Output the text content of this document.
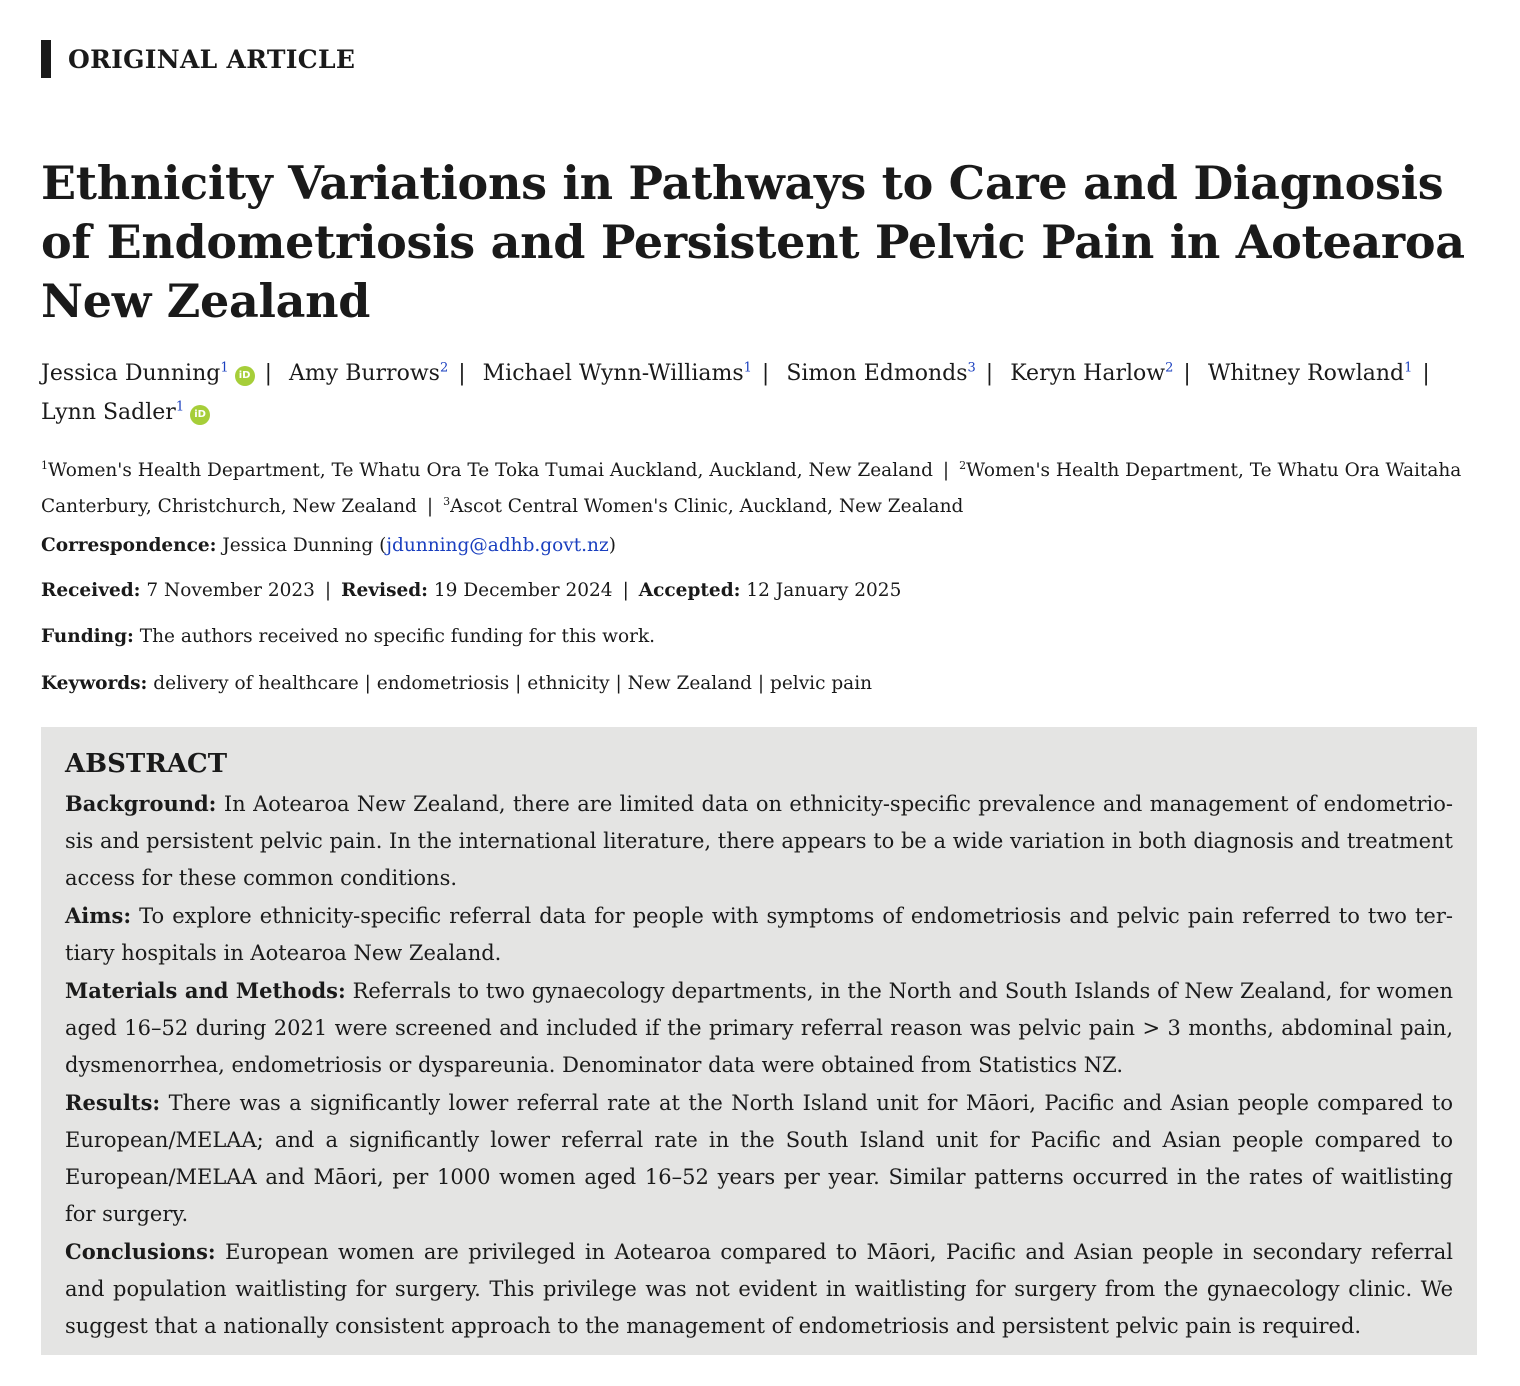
ORIGINAL ARTICLE
Ethnicity Variations in Pathways to Care and Diagnosis of Endometriosis and Persistent Pelvic Pain in Aotearoa New Zealand
Jessica Dunning$^1$ iD | Amy Burrows$^2$ | Michael Wynn-Williams$^1$ | Simon Edmonds$^3$ | Keryn Harlow$^2$ | Whitney Rowland$^1$ |
Lynn Sadler$^1$ iD
$^1$Women's Health Department, Te Whatu Ora Te Toka Tumai Auckland, Auckland, New Zealand | $^2$Women's Health Department, Te Whatu Ora Waitaha Canterbury, Christchurch, New Zealand | $^3$Ascot Central Women's Clinic, Auckland, New Zealand
Correspondence: Jessica Dunning (jdunning@adhb.govt.nz)
Received: 7 November 2023 | Revised: 19 December 2024 | Accepted: 12 January 2025
Funding: The authors received no specific funding for this work.
Keywords: delivery of healthcare | endometriosis | ethnicity | New Zealand | pelvic pain
ABSTRACT

Background: In Aotearoa New Zealand, there are limited data on ethnicity-specific prevalence and management of endometrio-sis and persistent pelvic pain. In the international literature, there appears to be a wide variation in both diagnosis and treatment access for these common conditions.

Aims: To explore ethnicity-specific referral data for people with symptoms of endometriosis and pelvic pain referred to two ter-tiary hospitals in Aotearoa New Zealand.

Materials and Methods: Referrals to two gynaecology departments, in the North and South Islands of New Zealand, for women aged 16–52 during 2021 were screened and included if the primary referral reason was pelvic pain > 3 months, abdominal pain, dysmenorrhea, endometriosis or dyspareunia. Denominator data were obtained from Statistics NZ.

Results: There was a significantly lower referral rate at the North Island unit for Māori, Pacific and Asian people compared to European/MELAA; and a significantly lower referral rate in the South Island unit for Pacific and Asian people compared to European/MELAA and Māori, per 1000 women aged 16–52 years per year. Similar patterns occurred in the rates of waitlisting for surgery.

Conclusions: European women are privileged in Aotearoa compared to Māori, Pacific and Asian people in secondary referral and population waitlisting for surgery. This privilege was not evident in waitlisting for surgery from the gynaecology clinic. We suggest that a nationally consistent approach to the management of endometriosis and persistent pelvic pain is required.
